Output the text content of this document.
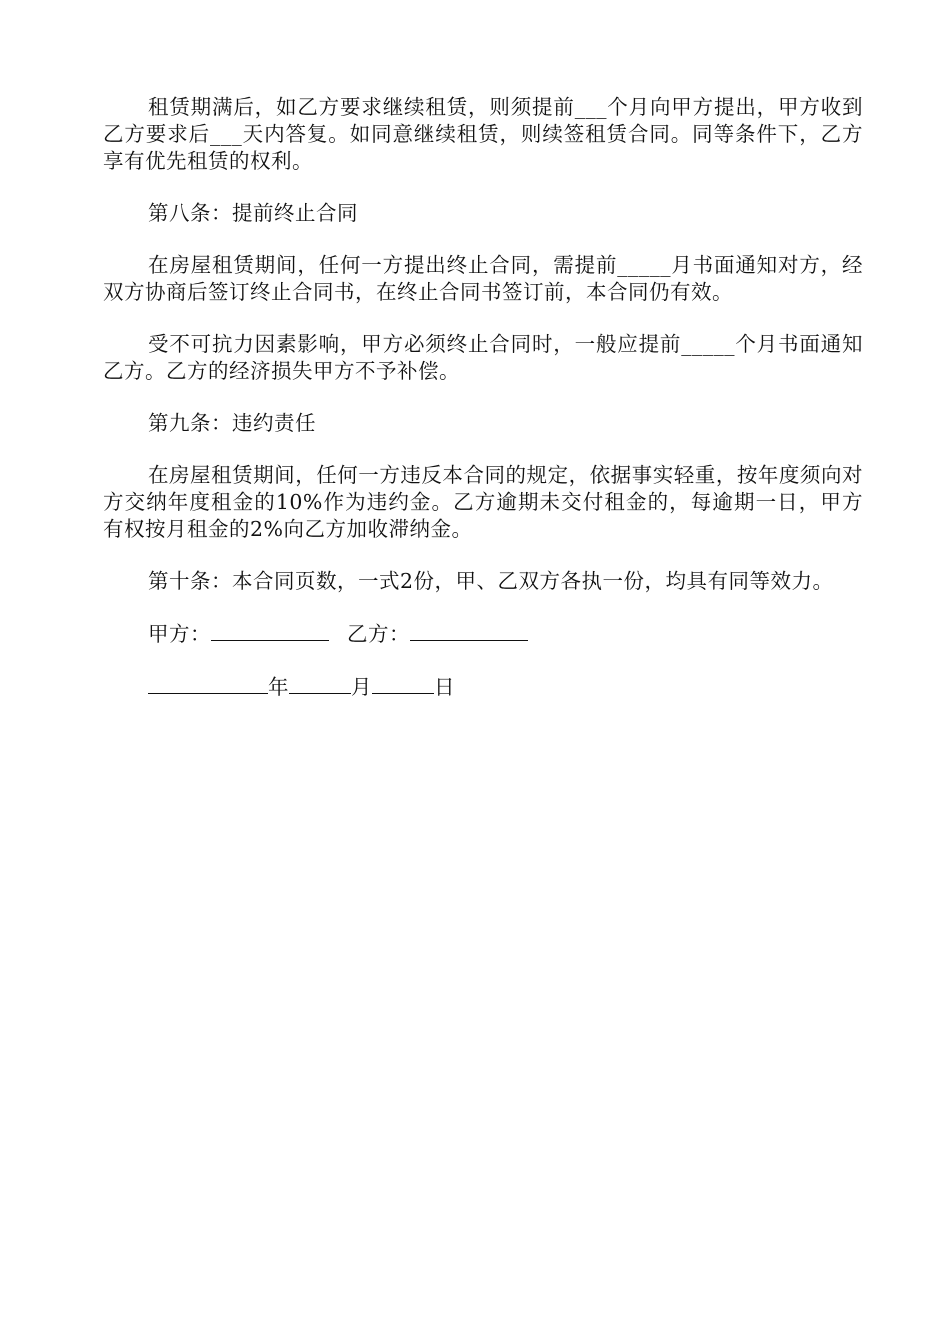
租赁期满后，如乙方要求继续租赁，则须提前___个月向甲方提出，甲方收到乙方要求后___天内答复。如同意继续租赁，则续签租赁合同。同等条件下，乙方享有优先租赁的权利。

第八条：提前终止合同

在房屋租赁期间，任何一方提出终止合同，需提前_____月书面通知对方，经双方协商后签订终止合同书，在终止合同书签订前，本合同仍有效。

受不可抗力因素影响，甲方必须终止合同时，一般应提前_____个月书面通知乙方。乙方的经济损失甲方不予补偿。

第九条：违约责任

在房屋租赁期间，任何一方违反本合同的规定，依据事实轻重，按年度须向对方交纳年度租金的10%作为违约金。乙方逾期未交付租金的，每逾期一日，甲方有权按月租金的2%向乙方加收滞纳金。

第十条：本合同页数，一式2份，甲、乙双方各执一份，均具有同等效力。

甲方：	乙方：

年	月	日
